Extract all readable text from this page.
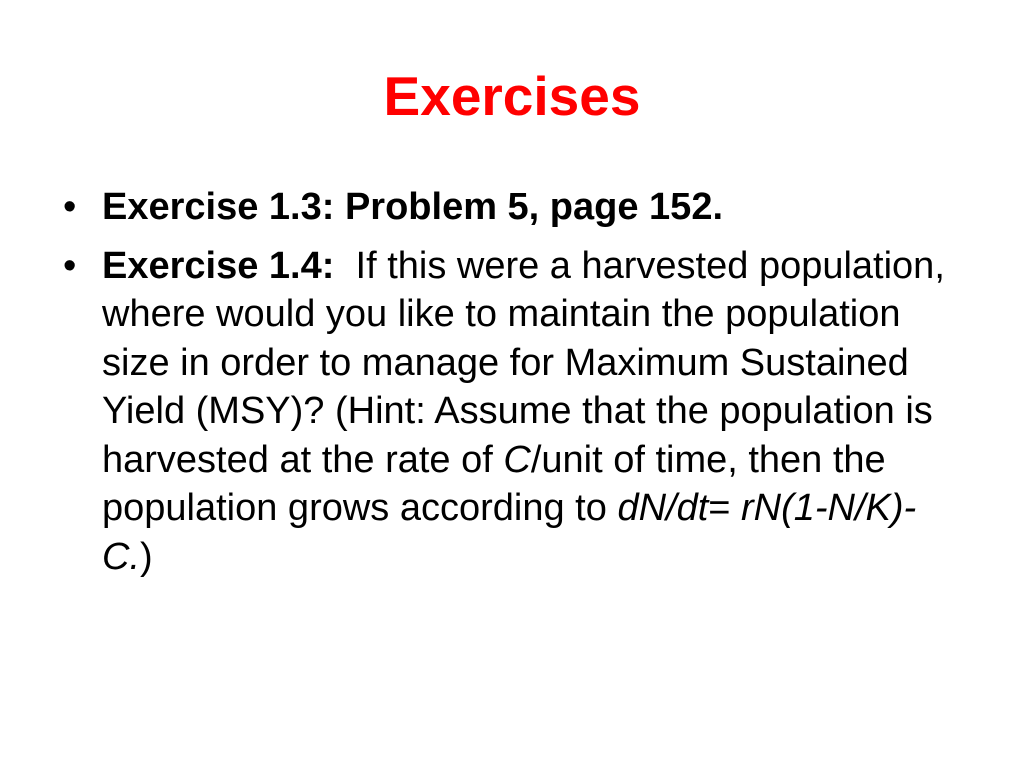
Exercises
• Exercise 1.3: Problem 5, page 152.
• Exercise 1.4:  If this were a harvested population, where would you like to maintain the population size in order to manage for Maximum Sustained Yield (MSY)? (Hint: Assume that the population is harvested at the rate of C/unit of time, then the population grows according to dN/dt= rN(1-N/K)-C.)
